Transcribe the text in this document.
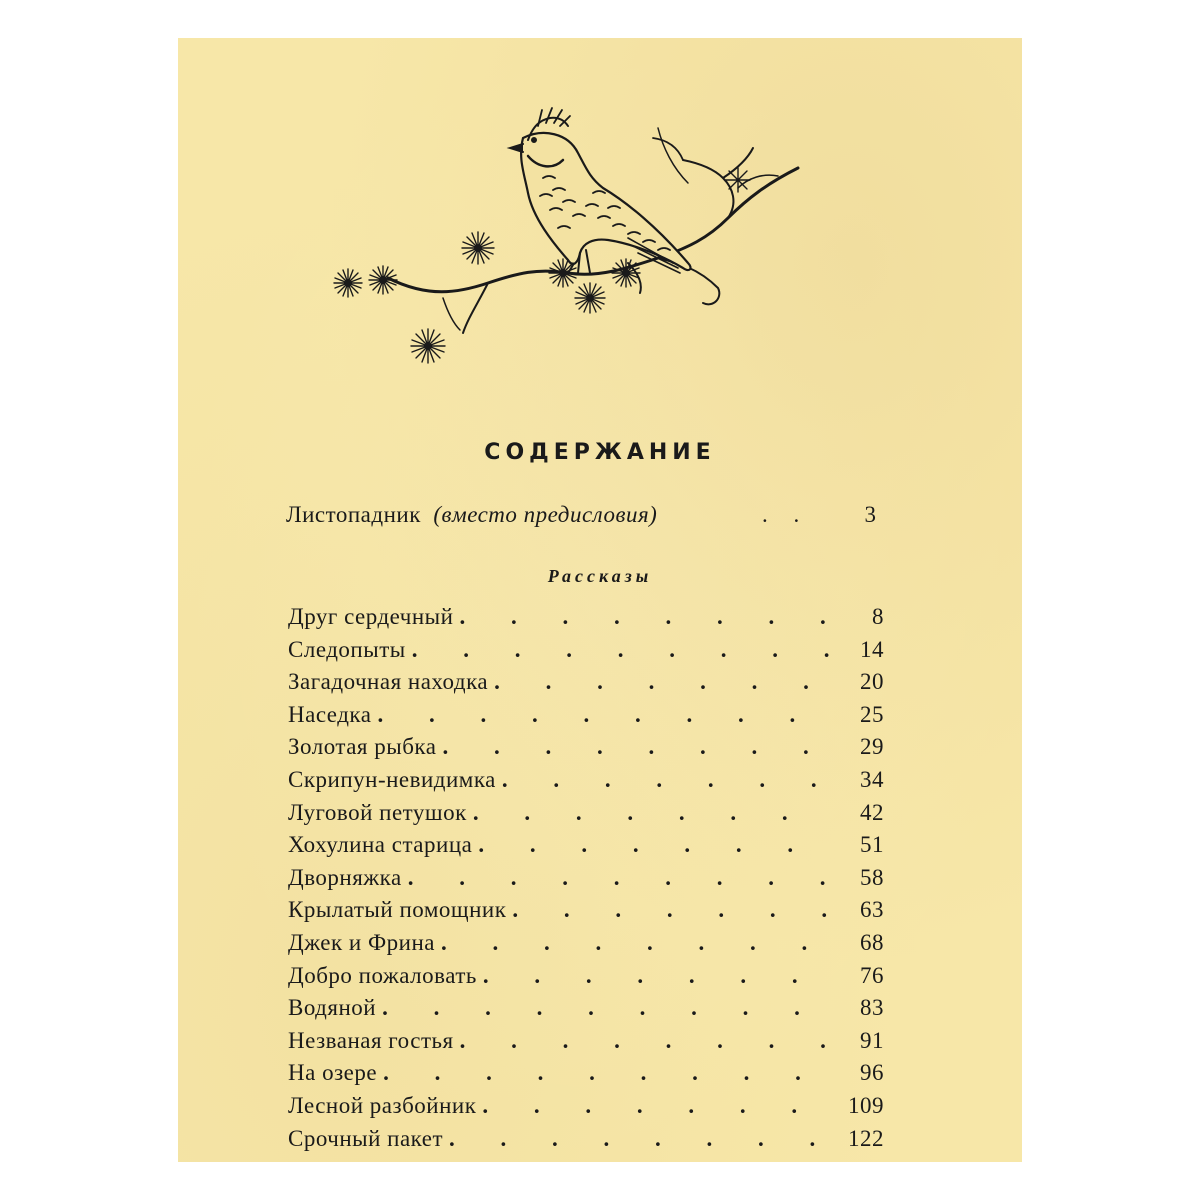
СОДЕРЖАНИЕ
Листопадник (вместо предисловия)	. . 3
Рассказы
Друг сердечный . . .	8
Следопыты . . .	14
Загадочная находка . . .	20
Наседка . . .	25
Золотая рыбка . . .	29
Скрипун-невидимка . . .	34
Луговой петушок . . .	42
Хохулина старица . . .	51
Дворняжка . . .	58
Крылатый помощник . . .	63
Джек и Фрина . . .	68
Добро пожаловать . . .	76
Водяной . . .	83
Незваная гостья . . .	91
На озере . . .	96
Лесной разбойник . . .	109
Срочный пакет . . .	122
